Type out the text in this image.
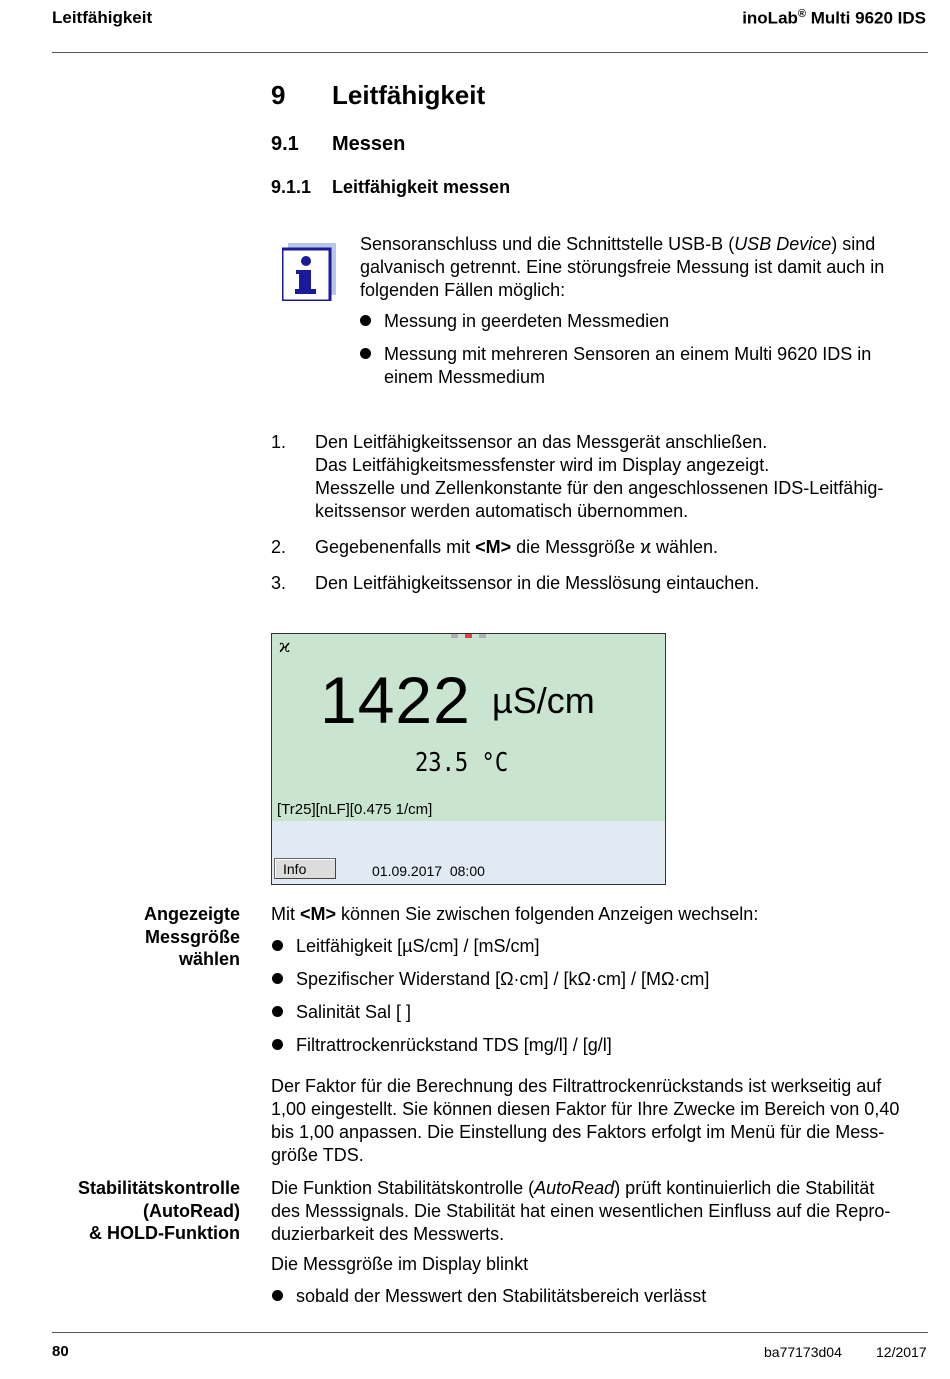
Leitfähigkeit	inoLab® Multi 9620 IDS
9 Leitfähigkeit
9.1 Messen
9.1.1 Leitfähigkeit messen
Sensoranschluss und die Schnittstelle USB-B (USB Device) sind
galvanisch getrennt. Eine störungsfreie Messung ist damit auch in
folgenden Fällen möglich:
Messung in geerdeten Messmedien
Messung mit mehreren Sensoren an einem Multi 9620 IDS in
einem Messmedium
1. Den Leitfähigkeitssensor an das Messgerät anschließen.
Das Leitfähigkeitsmessfenster wird im Display angezeigt.
Messzelle und Zellenkonstante für den angeschlossenen IDS-Leitfähig-
keitssensor werden automatisch übernommen.
2. Gegebenenfalls mit <M> die Messgröße ϰ wählen.
3. Den Leitfähigkeitssensor in die Messlösung eintauchen.
ϰ
1422 µS/cm
23.5 °C
[Tr25][nLF][0.475 1/cm]
Info	01.09.2017 08:00
Angezeigte
Messgröße
wählen
Mit <M> können Sie zwischen folgenden Anzeigen wechseln:
Leitfähigkeit [µS/cm] / [mS/cm]
Spezifischer Widerstand [Ω·cm] / [kΩ·cm] / [MΩ·cm]
Salinität Sal [ ]
Filtrattrockenrückstand TDS [mg/l] / [g/l]
Der Faktor für die Berechnung des Filtrattrockenrückstands ist werkseitig auf
1,00 eingestellt. Sie können diesen Faktor für Ihre Zwecke im Bereich von 0,40
bis 1,00 anpassen. Die Einstellung des Faktors erfolgt im Menü für die Mess-
größe TDS.
Stabilitätskontrolle
(AutoRead)
& HOLD-Funktion
Die Funktion Stabilitätskontrolle (AutoRead) prüft kontinuierlich die Stabilität
des Messsignals. Die Stabilität hat einen wesentlichen Einfluss auf die Repro-
duzierbarkeit des Messwerts.
Die Messgröße im Display blinkt
sobald der Messwert den Stabilitätsbereich verlässt
80	ba77173d04 12/2017
